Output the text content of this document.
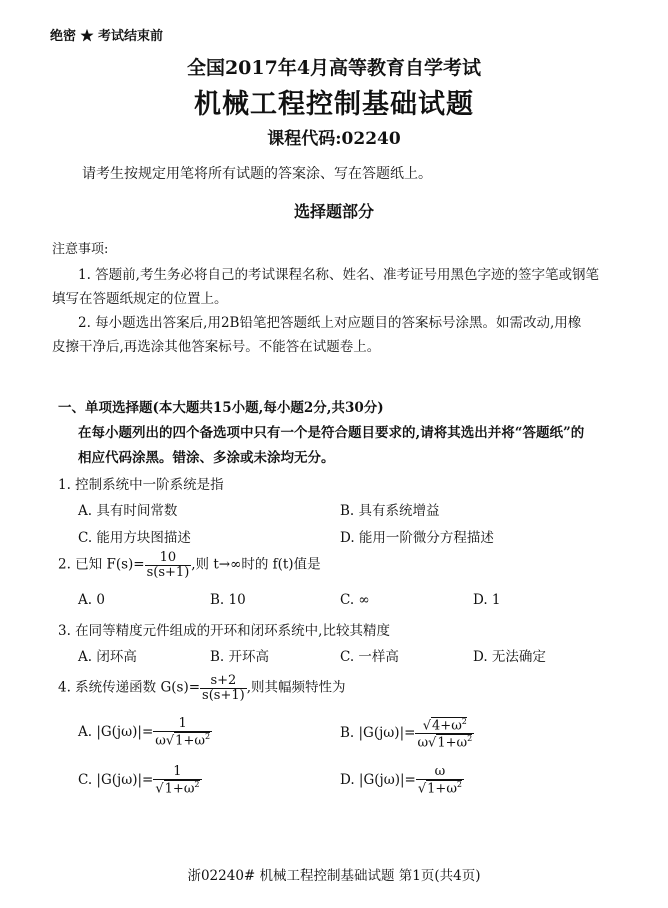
绝密 ★ 考试结束前
全国2017年4月高等教育自学考试
机械工程控制基础试题
课程代码:02240
请考生按规定用笔将所有试题的答案涂、写在答题纸上。
选择题部分
注意事项:
1. 答题前,考生务必将自己的考试课程名称、姓名、准考证号用黑色字迹的签字笔或钢笔
填写在答题纸规定的位置上。
2. 每小题选出答案后,用2B铅笔把答题纸上对应题目的答案标号涂黑。如需改动,用橡
皮擦干净后,再选涂其他答案标号。不能答在试题卷上。
一、单项选择题(本大题共15小题,每小题2分,共30分)
在每小题列出的四个备选项中只有一个是符合题目要求的,请将其选出并将“答题纸”的
相应代码涂黑。错涂、多涂或未涂均无分。
1. 控制系统中一阶系统是指
A. 具有时间常数	B. 具有系统增益
C. 能用方块图描述	D. 能用一阶微分方程描述
2. 已知 $F(s)= \frac{10}{s(s+1)}$ ,则 t→∞时的 f(t)值是
A. 0	B. 10	C. ∞	D. 1
3. 在同等精度元件组成的开环和闭环系统中,比较其精度
A. 闭环高	B. 开环高	C. 一样高	D. 无法确定
4. 系统传递函数 $G(s)= \frac{s+2}{s(s+1)}$ ,则其幅频特性为
A. $|G(j\omega)|= \frac{1}{\omega√1+\omega^2}$	B. $|G(j\omega)|= \frac{√4+\omega^2}{\omega√1+\omega^2}$
C. $|G(j\omega)|= \frac{1}{√1+\omega^2}$	D. $|G(j\omega)|= \frac{\omega}{√1+\omega^2}$
浙02240# 机械工程控制基础试题 第1页(共4页)
